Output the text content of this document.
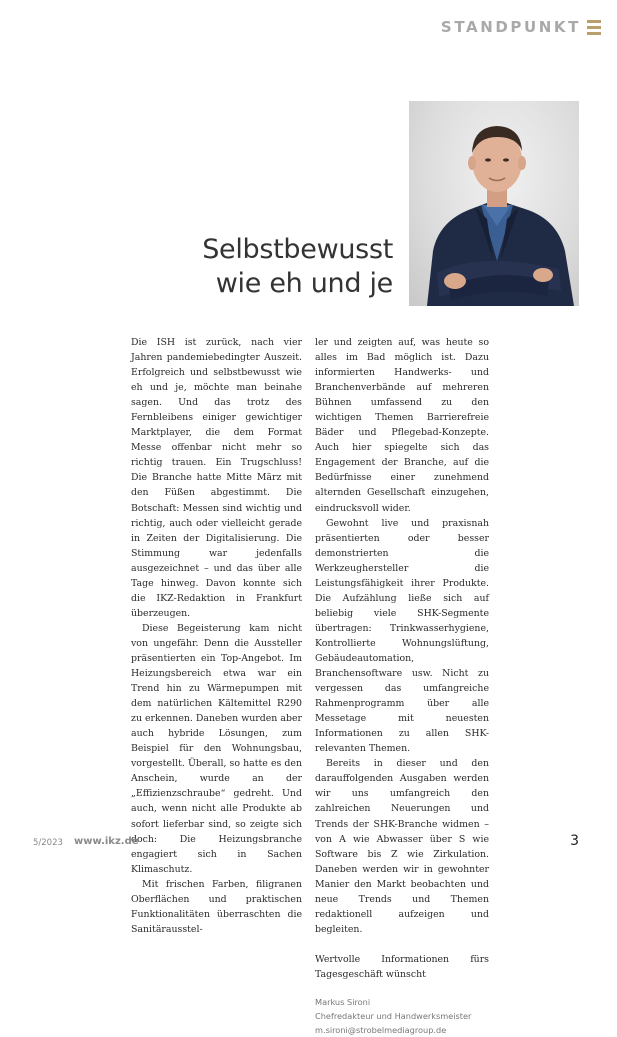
STANDPUNKT
Selbstbewusst
wie eh und je

Die ISH ist zurück, nach vier Jahren pandemiebedingter Auszeit. Erfolgreich und selbstbewusst wie eh und je, möchte man beinahe sagen. Und das trotz des Fernbleibens einiger gewichtiger Marktplayer, die dem Format Messe offenbar nicht mehr so richtig trauen. Ein Trugschluss! Die Branche hatte Mitte März mit den Füßen abgestimmt. Die Botschaft: Messen sind wichtig und richtig, auch oder vielleicht gerade in Zeiten der Digitalisierung. Die Stimmung war jedenfalls ausgezeichnet – und das über alle Tage hinweg. Davon konnte sich die IKZ-Redaktion in Frankfurt überzeugen.

Diese Begeisterung kam nicht von ungefähr. Denn die Aussteller präsentierten ein Top-Angebot. Im Heizungsbereich etwa war ein Trend hin zu Wärmepumpen mit dem natürlichen Kältemittel R290 zu erkennen. Daneben wurden aber auch hybride Lösungen, zum Beispiel für den Wohnungsbau, vorgestellt. Überall, so hatte es den Anschein, wurde an der „Effizienzschraube“ gedreht. Und auch, wenn nicht alle Produkte ab sofort lieferbar sind, so zeigte sich doch: Die Heizungsbranche engagiert sich in Sachen Klimaschutz.

Mit frischen Farben, filigranen Oberflächen und praktischen Funktionalitäten überraschten die Sanitärausstel-

ler und zeigten auf, was heute so alles im Bad möglich ist. Dazu informierten Handwerks- und Branchenverbände auf mehreren Bühnen umfassend zu den wichtigen Themen Barrierefreie Bäder und Pflegebad-Konzepte. Auch hier spiegelte sich das Engagement der Branche, auf die Bedürfnisse einer zunehmend alternden Gesellschaft einzugehen, eindrucksvoll wider.

Gewohnt live und praxisnah präsentierten oder besser demonstrierten die Werkzeughersteller die Leistungsfähigkeit ihrer Produkte. Die Aufzählung ließe sich auf beliebig viele SHK-Segmente übertragen: Trinkwasserhygiene, Kontrollierte Wohnungslüftung, Gebäudeautomation, Branchensoftware usw. Nicht zu vergessen das umfangreiche Rahmenprogramm über alle Messetage mit neuesten Informationen zu allen SHK-relevanten Themen.

Bereits in dieser und den darauffolgenden Ausgaben werden wir uns umfangreich den zahlreichen Neuerungen und Trends der SHK-Branche widmen – von A wie Abwasser über S wie Software bis Z wie Zirkulation. Daneben werden wir in gewohnter Manier den Markt beobachten und neue Trends und Themen redaktionell aufzeigen und begleiten.

Wertvolle Informationen fürs Tagesgeschäft wünscht

Markus Sironi
Chefredakteur und Handwerksmeister
m.sironi@strobelmediagroup.de
5/2023 www.ikz.de	3
